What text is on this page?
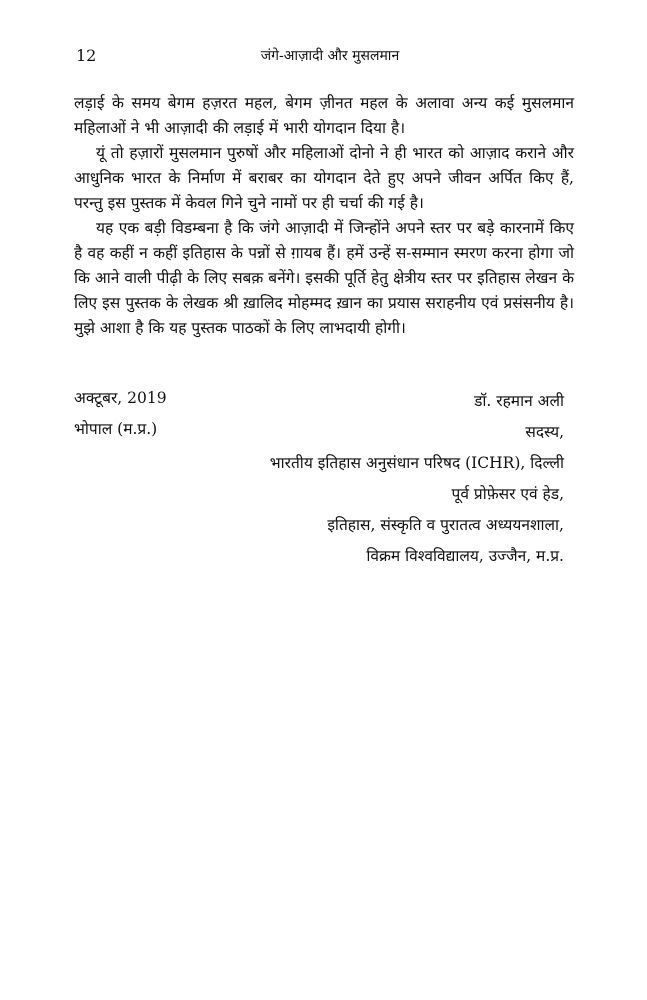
12	जंगे-आज़ादी और मुसलमान

लड़ाई के समय बेगम हज़रत महल, बेगम ज़ीनत महल के अलावा अन्य कई मुसलमान महिलाओं ने भी आज़ादी की लड़ाई में भारी योगदान दिया है।

यूं तो हज़ारों मुसलमान पुरुषों और महिलाओं दोनो ने ही भारत को आज़ाद कराने और आधुनिक भारत के निर्माण में बराबर का योगदान देते हुए अपने जीवन अर्पित किए हैं, परन्तु इस पुस्तक में केवल गिने चुने नामों पर ही चर्चा की गई है।

यह एक बड़ी विडम्बना है कि जंगे आज़ादी में जिन्होंने अपने स्तर पर बड़े कारनामें किए है वह कहीं न कहीं इतिहास के पन्नों से ग़ायब हैं। हमें उन्हें स-सम्मान स्मरण करना होगा जो कि आने वाली पीढ़ी के लिए सबक़ बनेंगे। इसकी पूर्ति हेतु क्षेत्रीय स्तर पर इतिहास लेखन के लिए इस पुस्तक के लेखक श्री ख़ालिद मोहम्मद ख़ान का प्रयास सराहनीय एवं प्रसंसनीय है। मुझे आशा है कि यह पुस्तक पाठकों के लिए लाभदायी होगी।

अक्टूबर, 2019
भोपाल (म.प्र.)
डॉ. रहमान अली
सदस्य,
भारतीय इतिहास अनुसंधान परिषद (ICHR), दिल्ली
पूर्व प्रोफ़ेसर एवं हेड,
इतिहास, संस्कृति व पुरातत्व अध्ययनशाला,
विक्रम विश्वविद्यालय, उज्जैन, म.प्र.
